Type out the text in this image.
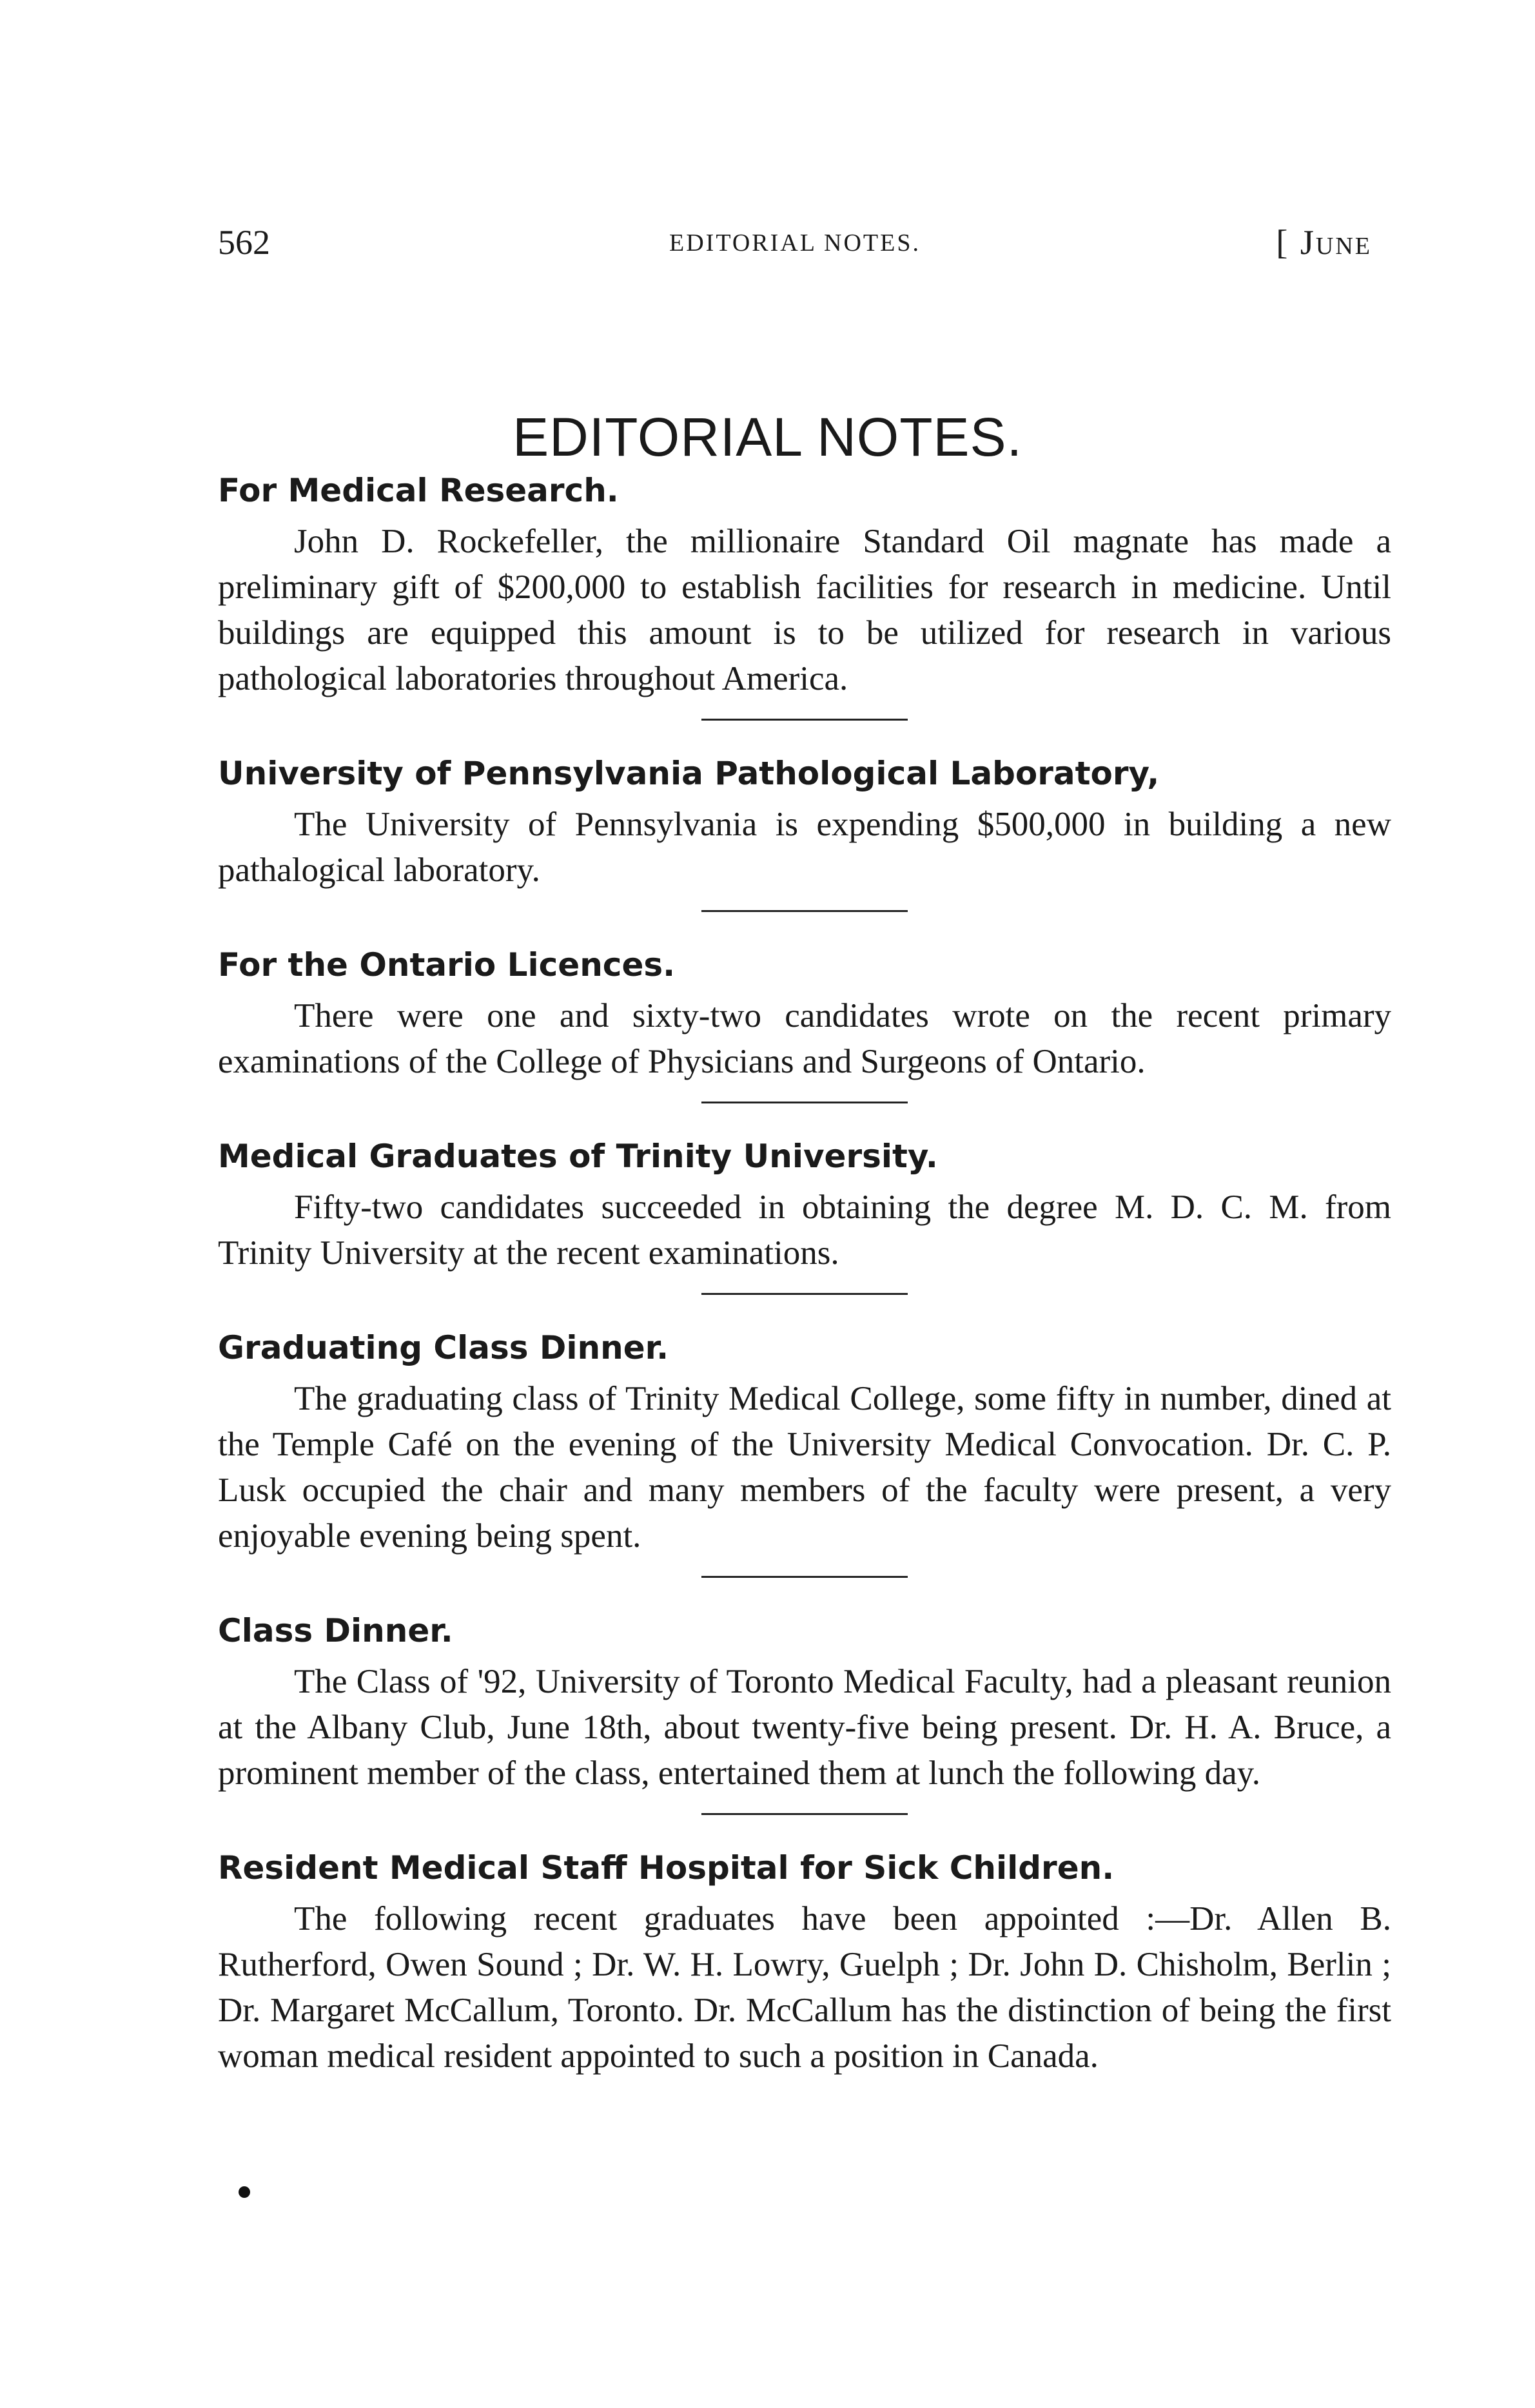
562	EDITORIAL NOTES.	[ June
EDITORIAL NOTES.
For Medical Research.

John D. Rockefeller, the millionaire Standard Oil magnate has made a preliminary gift of $200,000 to establish facilities for research in medicine. Until buildings are equipped this amount is to be utilized for research in various pathological laboratories throughout America.

University of Pennsylvania Pathological Laboratory,

The University of Pennsylvania is expending $500,000 in building a new pathalogical laboratory.

For the Ontario Licences.

There were one and sixty-two candidates wrote on the recent primary examinations of the College of Physicians and Surgeons of Ontario.

Medical Graduates of Trinity University.

Fifty-two candidates succeeded in obtaining the degree M. D. C. M. from Trinity University at the recent examinations.

Graduating Class Dinner.

The graduating class of Trinity Medical College, some fifty in number, dined at the Temple Café on the evening of the University Medical Convocation. Dr. C. P. Lusk occupied the chair and many members of the faculty were present, a very enjoyable evening being spent.

Class Dinner.

The Class of '92, University of Toronto Medical Faculty, had a pleasant reunion at the Albany Club, June 18th, about twenty-five being present. Dr. H. A. Bruce, a prominent member of the class, entertained them at lunch the following day.

Resident Medical Staff Hospital for Sick Children.

The following recent graduates have been appointed :—Dr. Allen B. Rutherford, Owen Sound ; Dr. W. H. Lowry, Guelph ; Dr. John D. Chisholm, Berlin ; Dr. Margaret McCallum, Toronto. Dr. McCallum has the distinction of being the first woman medical resident appointed to such a position in Canada.
